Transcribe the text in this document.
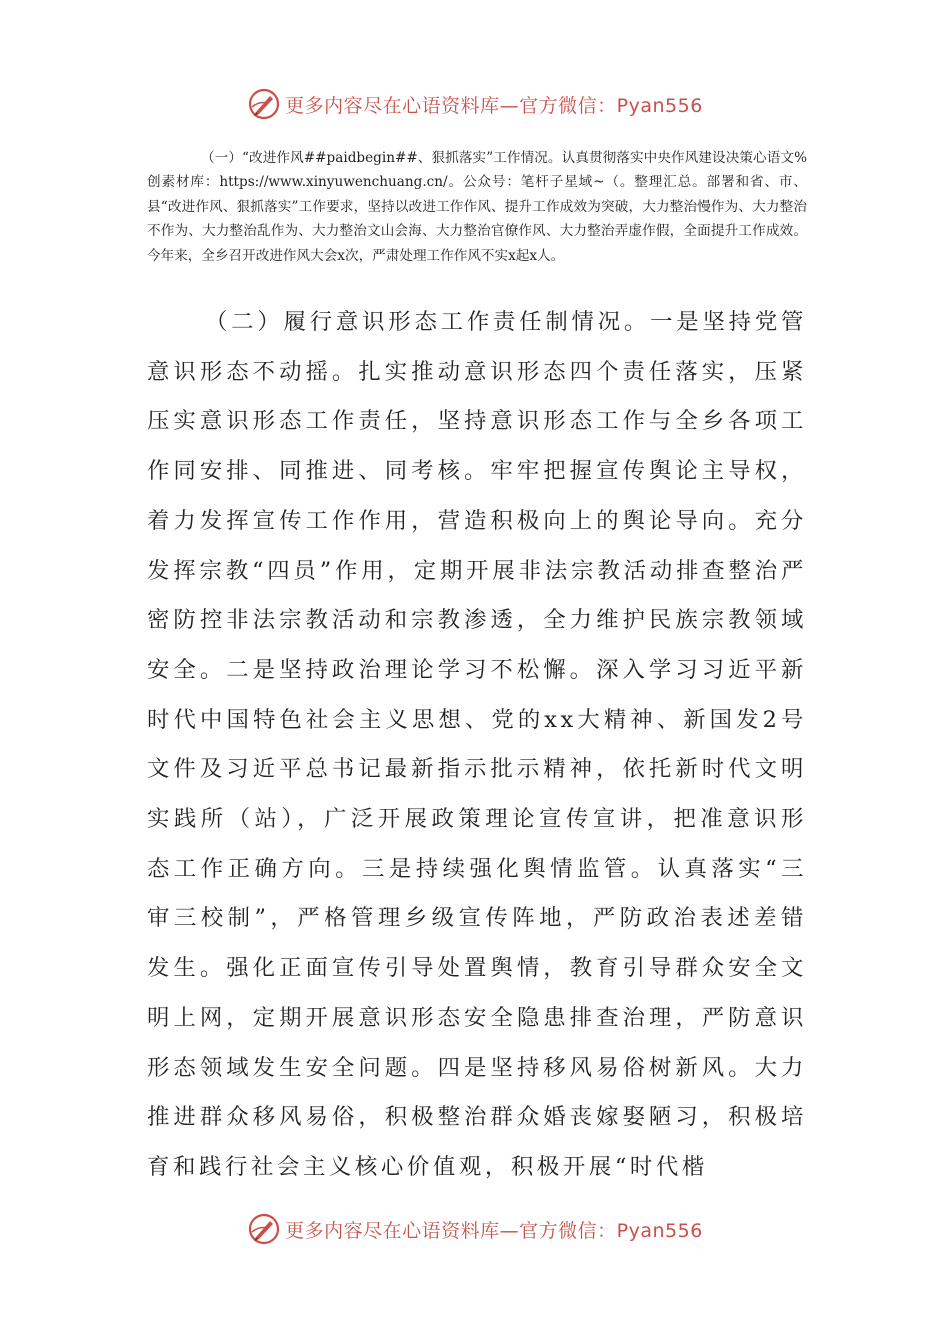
更多内容尽在心语资料库—官方微信：Pyan556

（一）“改进作风##paidbegin##、狠抓落实”工作情况。认真贯彻落实中央作风建设决策心语文%创素材库：https://www.xinyuwenchuang.cn/。公众号：笔杆子星域~（。整理汇总。部署和省、市、县“改进作风、狠抓落实”工作要求，坚持以改进工作作风、提升工作成效为突破，大力整治慢作为、大力整治不作为、大力整治乱作为、大力整治文山会海、大力整治官僚作风、大力整治弄虚作假，全面提升工作成效。今年来，全乡召开改进作风大会x次，严肃处理工作作风不实x起x人。

（二）履行意识形态工作责任制情况。一是坚持党管意识形态不动摇。扎实推动意识形态四个责任落实，压紧压实意识形态工作责任，坚持意识形态工作与全乡各项工作同安排、同推进、同考核。牢牢把握宣传舆论主导权，着力发挥宣传工作作用，营造积极向上的舆论导向。充分发挥宗教“四员”作用，定期开展非法宗教活动排查整治严密防控非法宗教活动和宗教渗透，全力维护民族宗教领域安全。二是坚持政治理论学习不松懈。深入学习习近平新时代中国特色社会主义思想、党的xx大精神、新国发2号文件及习近平总书记最新指示批示精神，依托新时代文明实践所（站），广泛开展政策理论宣传宣讲，把准意识形态工作正确方向。三是持续强化舆情监管。认真落实“三审三校制”，严格管理乡级宣传阵地，严防政治表述差错发生。强化正面宣传引导处置舆情，教育引导群众安全文明上网，定期开展意识形态安全隐患排查治理，严防意识形态领域发生安全问题。四是坚持移风易俗树新风。大力推进群众移风易俗，积极整治群众婚丧嫁娶陋习，积极培育和践行社会主义核心价值观，积极开展“时代楷

更多内容尽在心语资料库—官方微信：Pyan556
